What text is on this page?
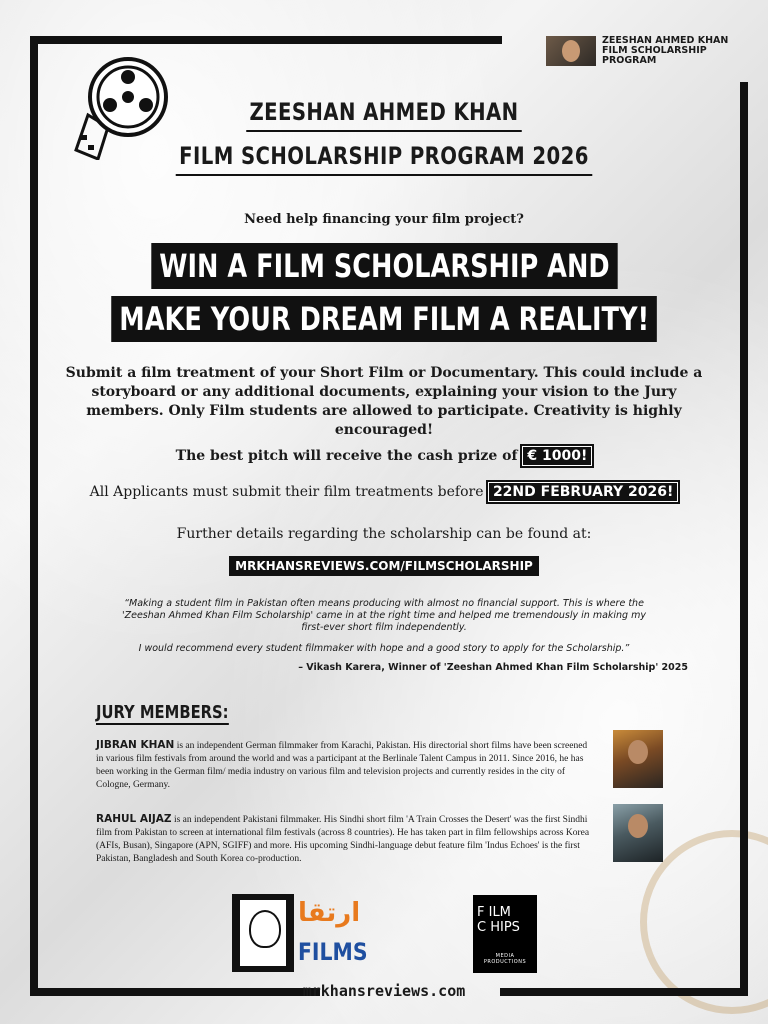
ZEESHAN AHMED KHAN
FILM SCHOLARSHIP
PROGRAM
ZEESHAN AHMED KHAN
FILM SCHOLARSHIP PROGRAM 2026
Need help financing your film project?
WIN A FILM SCHOLARSHIP AND
MAKE YOUR DREAM FILM A REALITY!
Submit a film treatment of your Short Film or Documentary. This could include a storyboard or any additional documents, explaining your vision to the Jury members. Only Film students are allowed to participate. Creativity is highly encouraged!
The best pitch will receive the cash prize of € 1000!
All Applicants must submit their film treatments before 22ND FEBRUARY 2026!
Further details regarding the scholarship can be found at:
MRKHANSREVIEWS.COM/FILMSCHOLARSHIP
“Making a student film in Pakistan often means producing with almost no financial support. This is where the 'Zeeshan Ahmed Khan Film Scholarship' came in at the right time and helped me tremendously in making my first-ever short film independently.
I would recommend every student filmmaker with hope and a good story to apply for the Scholarship.”
– Vikash Karera, Winner of 'Zeeshan Ahmed Khan Film Scholarship' 2025
JURY MEMBERS:
JIBRAN KHAN is an independent German filmmaker from Karachi, Pakistan. His directorial short films have been screened in various film festivals from around the world and was a participant at the Berlinale Talent Campus in 2011. Since 2016, he has been working in the German film/ media industry on various film and television projects and currently resides in the city of Cologne, Germany.
RAHUL AIJAZ is an independent Pakistani filmmaker. His Sindhi short film 'A Train Crosses the Desert' was the first Sindhi film from Pakistan to screen at international film festivals (across 8 countries). He has taken part in film fellowships across Korea (AFIs, Busan), Singapore (APN, SGIFF) and more. His upcoming Sindhi-language debut feature film 'Indus Echoes' is the first Pakistan, Bangladesh and South Korea co-production.
ارتقا
FILMS
F ILM
C HIPS
MEDIA PRODUCTIONS
mrkhansreviews.com
